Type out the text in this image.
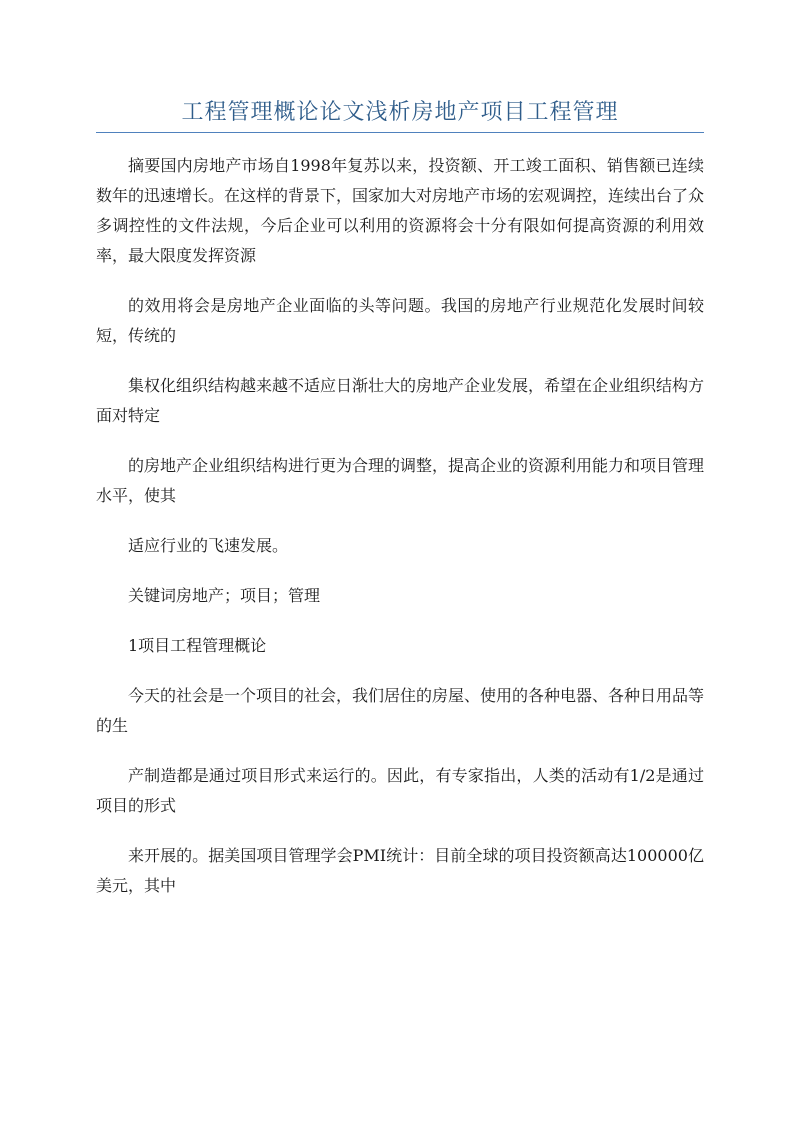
工程管理概论论文浅析房地产项目工程管理

摘要国内房地产市场自1998年复苏以来，投资额、开工竣工面积、销售额已连续数年的迅速增长。在这样的背景下，国家加大对房地产市场的宏观调控，连续出台了众多调控性的文件法规，今后企业可以利用的资源将会十分有限如何提高资源的利用效率，最大限度发挥资源

的效用将会是房地产企业面临的头等问题。我国的房地产行业规范化发展时间较短，传统的

集权化组织结构越来越不适应日渐壮大的房地产企业发展，希望在企业组织结构方面对特定

的房地产企业组织结构进行更为合理的调整，提高企业的资源利用能力和项目管理水平，使其

适应行业的飞速发展。

关键词房地产；项目；管理

1项目工程管理概论

今天的社会是一个项目的社会，我们居住的房屋、使用的各种电器、各种日用品等的生

产制造都是通过项目形式来运行的。因此，有专家指出，人类的活动有1/2是通过项目的形式

来开展的。据美国项目管理学会PMI统计：目前全球的项目投资额高达100000亿美元，其中
